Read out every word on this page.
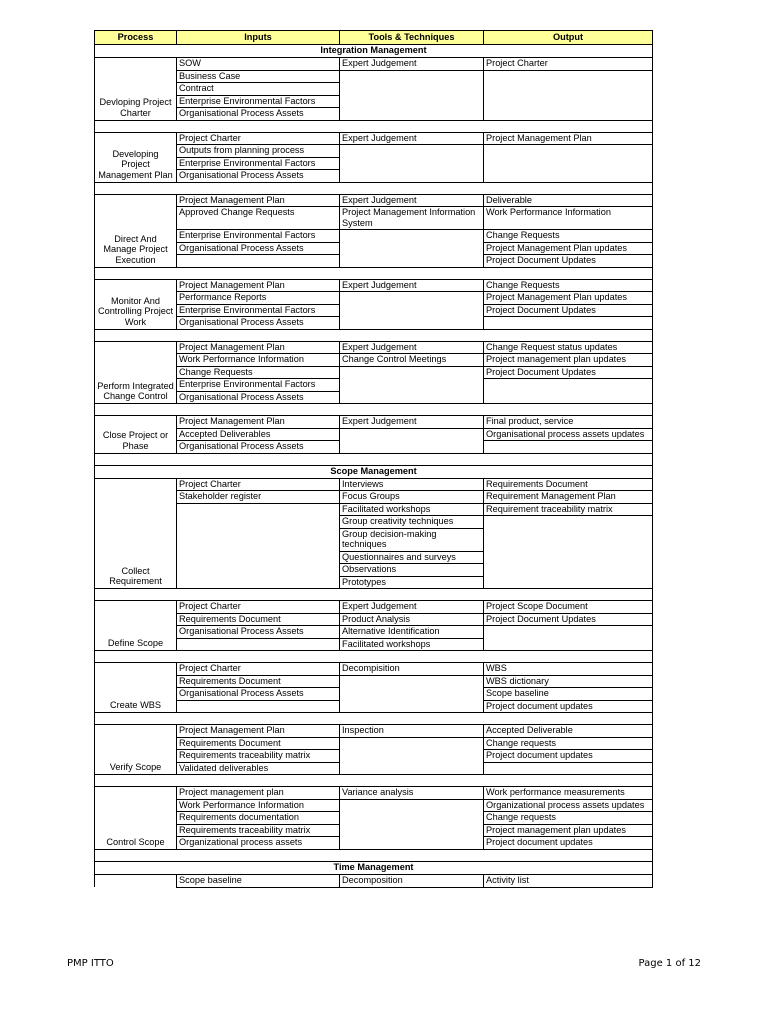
Process	Inputs	Tools & Techniques	Output
Integration Management			
Devloping Project Charter	SOW	Expert Judgement	Project Charter
	Business Case		
	Contract		
	Enterprise Environmental Factors		
	Organisational Process Assets		

Developing Project Management Plan	Project Charter	Expert Judgement	Project Management Plan
	Outputs from planning process		
	Enterprise Environmental Factors		
	Organisational Process Assets		

Direct And Manage Project Execution	Project Management Plan	Expert Judgement	Deliverable
	Approved Change Requests	Project Management Information System	Work Performance Information
	Enterprise Environmental Factors		Change Requests
	Organisational Process Assets		Project Management Plan updates
			Project Document Updates

Monitor And Controlling Project Work	Project Management Plan	Expert Judgement	Change Requests
	Performance Reports		Project Management Plan updates
	Enterprise Environmental Factors		Project Document Updates
	Organisational Process Assets		

Perform Integrated Change Control	Project Management Plan	Expert Judgement	Change Request status updates
	Work Performance Information	Change Control Meetings	Project management plan updates
	Change Requests		Project Document Updates
	Enterprise Environmental Factors		
	Organisational Process Assets		

Close Project or Phase	Project Management Plan	Expert Judgement	Final product, service
	Accepted Deliverables		Organisational process assets updates
	Organisational Process Assets		

Scope Management			
Collect Requirement	Project Charter	Interviews	Requirements Document
	Stakeholder register	Focus Groups	Requirement Management Plan
		Facilitated workshops	Requirement traceability matrix
		Group creativity techniques	
		Group decision-making techniques	
		Questionnaires and surveys	
		Observations	
		Prototypes	

Define Scope	Project Charter	Expert Judgement	Project Scope Document
	Requirements Document	Product Analysis	Project Document Updates
	Organisational Process Assets	Alternative Identification	
		Facilitated workshops	

Create WBS	Project Charter	Decompisition	WBS
	Requirements Document		WBS dictionary
	Organisational Process Assets		Scope baseline
			Project document updates

Verify Scope	Project Management Plan	Inspection	Accepted Deliverable
	Requirements Document		Change requests
	Requirements traceability matrix		Project document updates
	Validated deliverables		

Control Scope	Project management plan	Variance analysis	Work performance measurements
	Work Performance Information		Organizational process assets updates
	Requirements documentation		Change requests
	Requirements traceability matrix		Project management plan updates
	Organizational process assets		Project document updates

Time Management			
	Scope baseline	Decomposition	Activity list
PMP ITTO	Page 1 of 12
